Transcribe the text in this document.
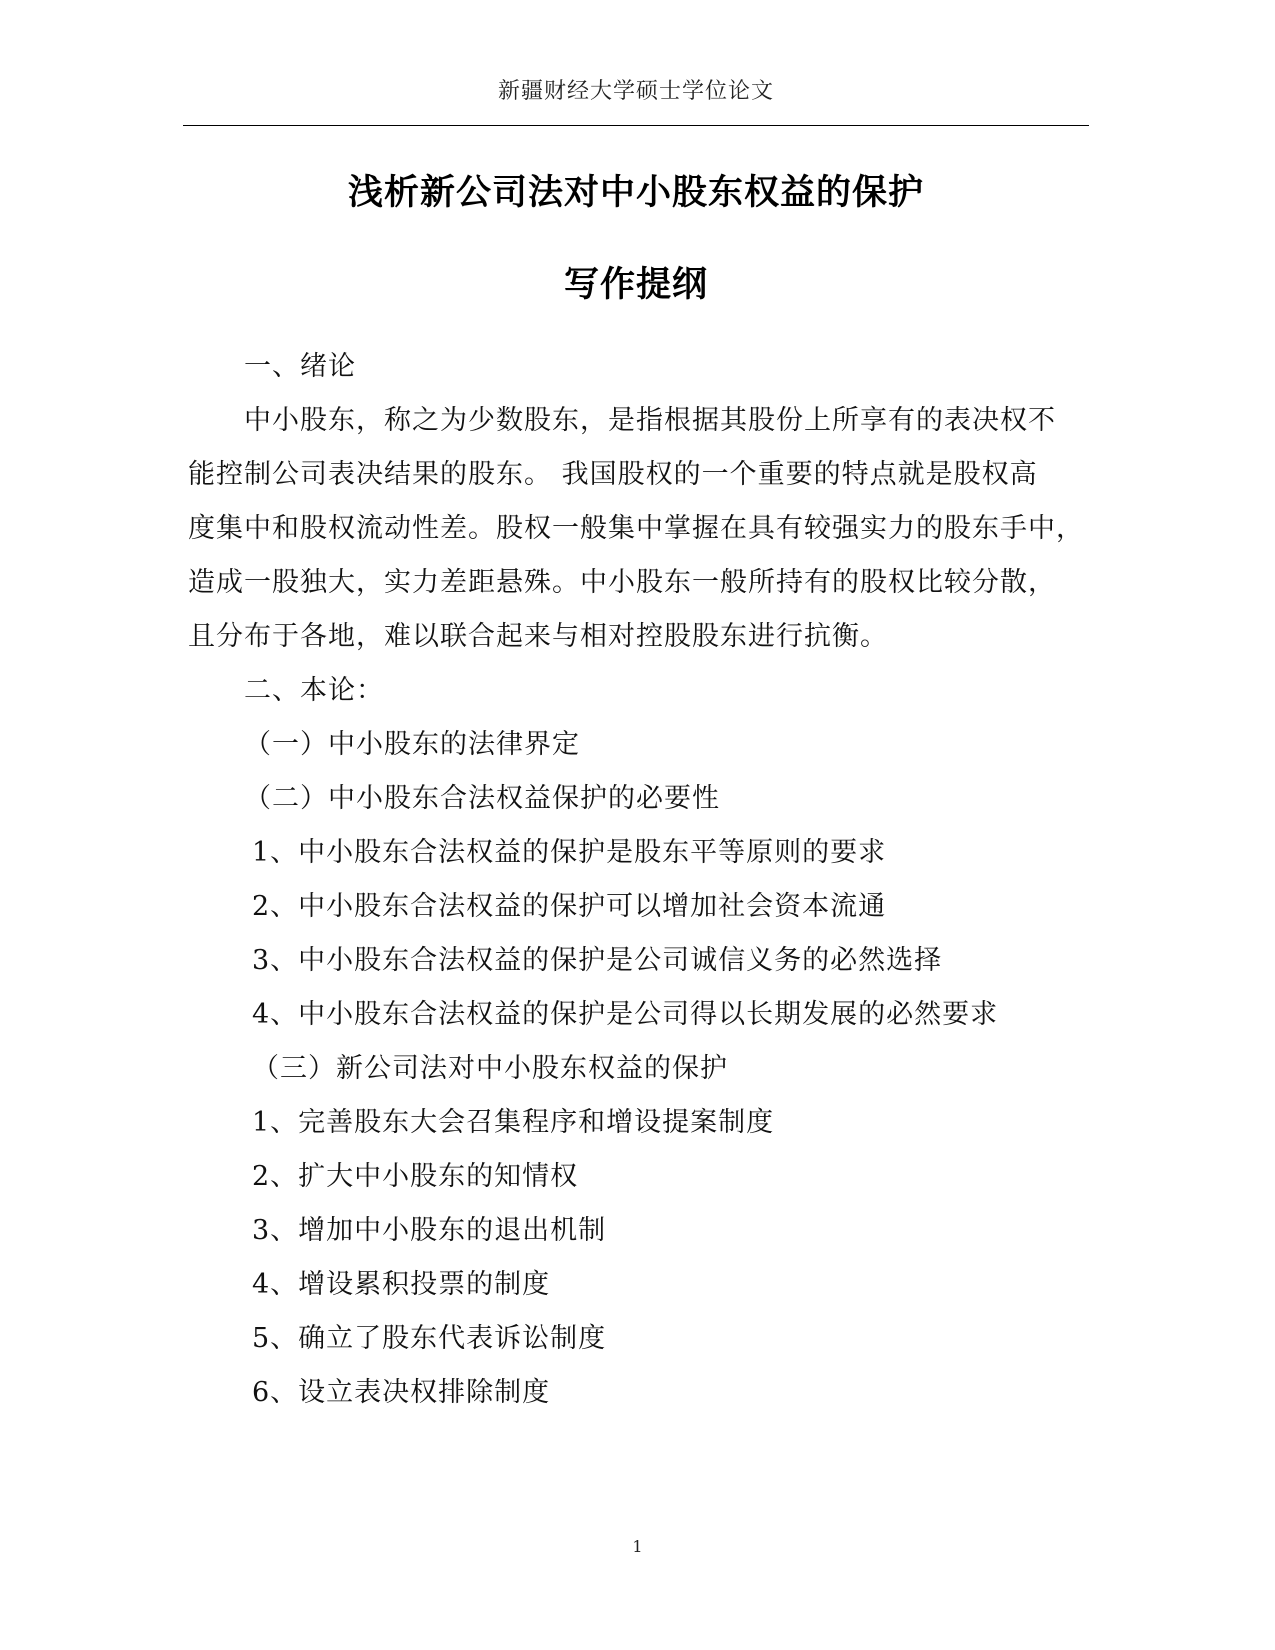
新疆财经大学硕士学位论文
浅析新公司法对中小股东权益的保护
写作提纲
一、绪论
中小股东，称之为少数股东，是指根据其股份上所享有的表决权不
能控制公司表决结果的股东。 我国股权的一个重要的特点就是股权高
度集中和股权流动性差。股权一般集中掌握在具有较强实力的股东手中，
造成一股独大，实力差距悬殊。中小股东一般所持有的股权比较分散，
且分布于各地，难以联合起来与相对控股股东进行抗衡。
二、本论：
（一）中小股东的法律界定
（二）中小股东合法权益保护的必要性
1、中小股东合法权益的保护是股东平等原则的要求
2、中小股东合法权益的保护可以增加社会资本流通
3、中小股东合法权益的保护是公司诚信义务的必然选择
4、中小股东合法权益的保护是公司得以长期发展的必然要求
（三）新公司法对中小股东权益的保护
1、完善股东大会召集程序和增设提案制度
2、扩大中小股东的知情权
3、增加中小股东的退出机制
4、增设累积投票的制度
5、确立了股东代表诉讼制度
6、设立表决权排除制度
1
